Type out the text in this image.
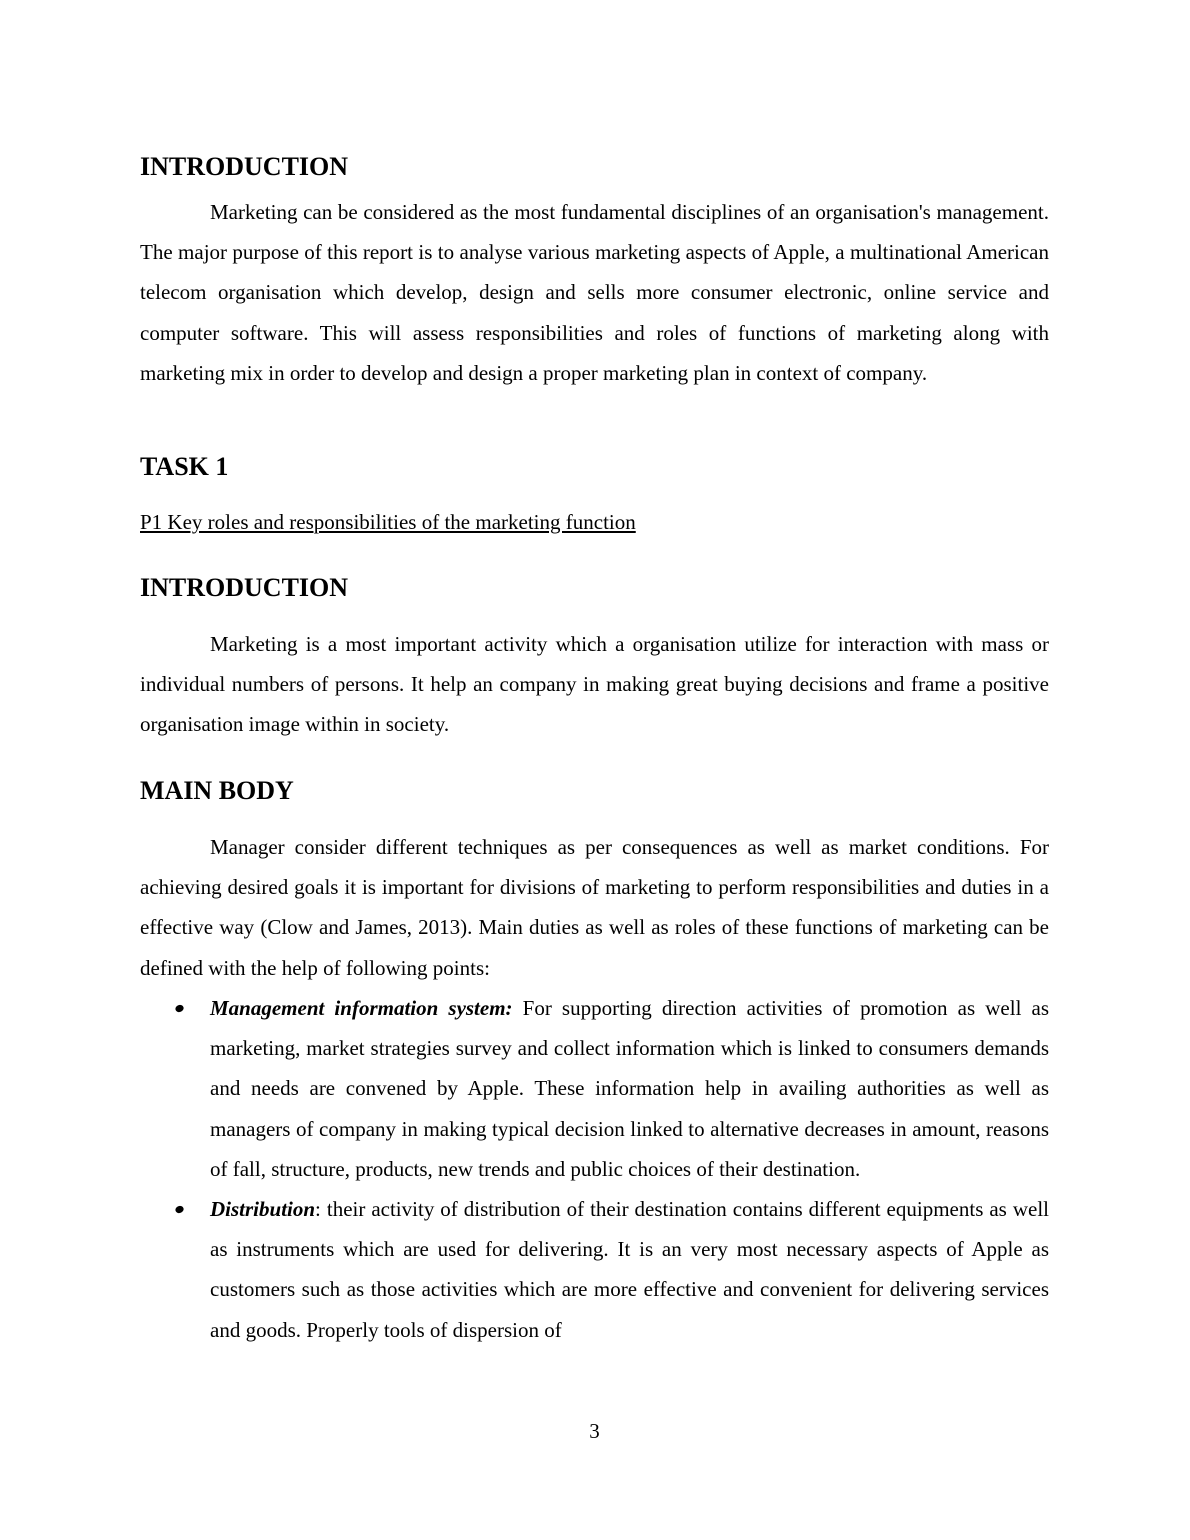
INTRODUCTION

Marketing can be considered as the most fundamental disciplines of an organisation's management. The major purpose of this report is to analyse various marketing aspects of Apple, a multinational American telecom organisation which develop, design and sells more consumer electronic, online service and computer software. This will assess responsibilities and roles of functions of marketing along with marketing mix in order to develop and design a proper marketing plan in context of company.

TASK 1
P1 Key roles and responsibilities of the marketing function
INTRODUCTION

Marketing is a most important activity which a organisation utilize for interaction with mass or individual numbers of persons. It help an company in making great buying decisions and frame a positive organisation image within in society.

MAIN BODY

Manager consider different techniques as per consequences as well as market conditions. For achieving desired goals it is important for divisions of marketing to perform responsibilities and duties in a effective way (Clow and James, 2013). Main duties as well as roles of these functions of marketing can be defined with the help of following points:

Management information system: For supporting direction activities of promotion as well as marketing, market strategies survey and collect information which is linked to consumers demands and needs are convened by Apple. These information help in availing authorities as well as managers of company in making typical decision linked to alternative decreases in amount, reasons of fall, structure, products, new trends and public choices of their destination.
Distribution: their activity of distribution of their destination contains different equipments as well as instruments which are used for delivering. It is an very most necessary aspects of Apple as customers such as those activities which are more effective and convenient for delivering services and goods. Properly tools of dispersion of
3
